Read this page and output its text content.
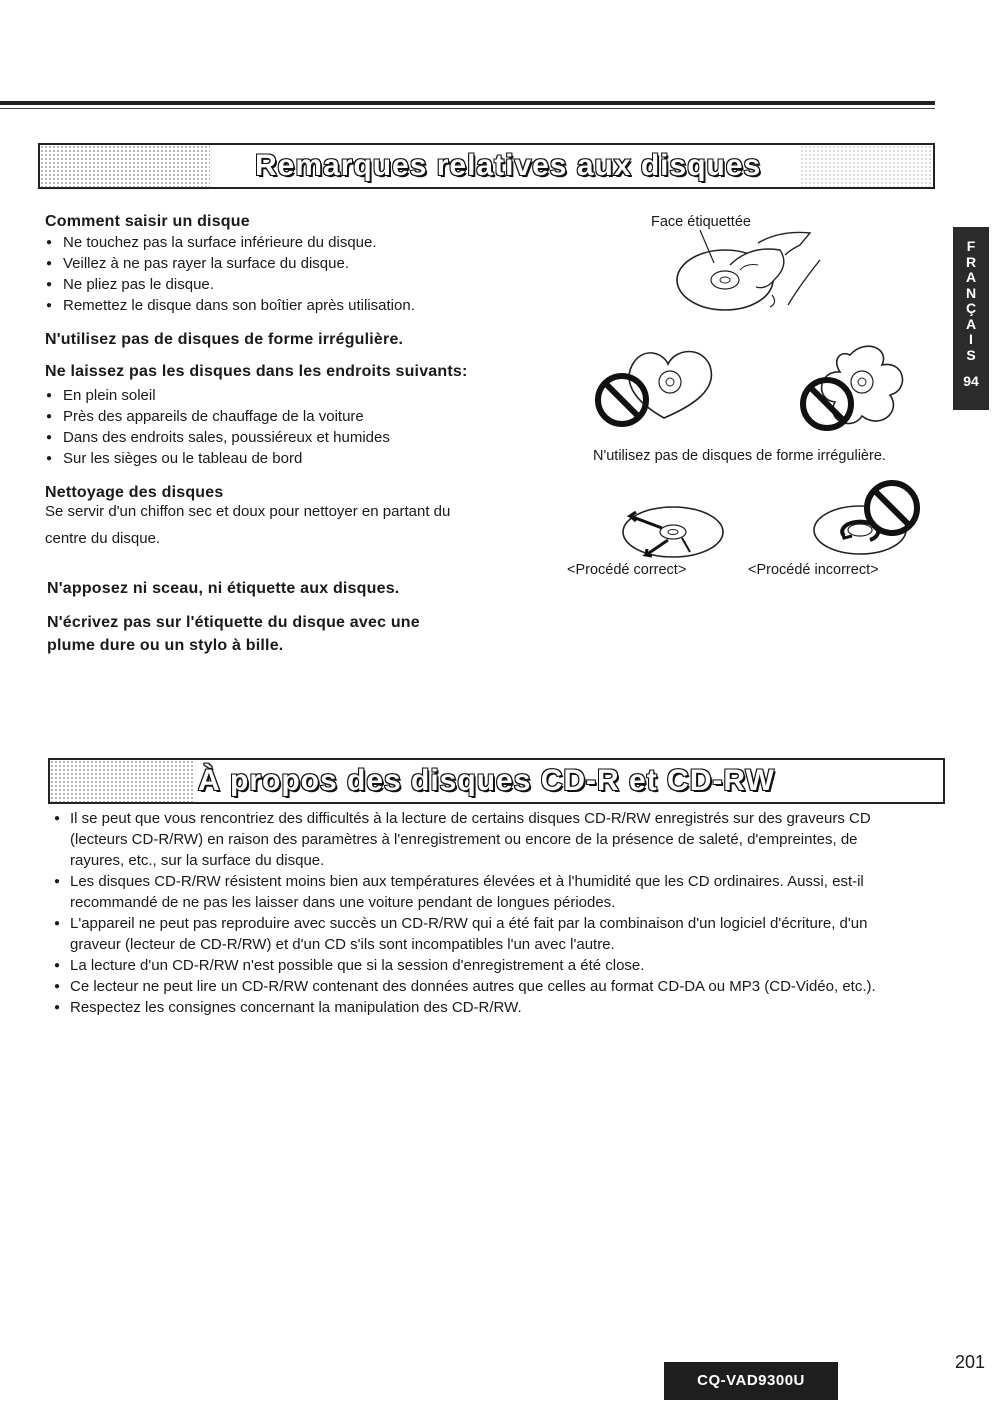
Remarques relatives aux disques
Comment saisir un disque
● Ne touchez pas la surface inférieure du disque.
● Veillez à ne pas rayer la surface du disque.
● Ne pliez pas le disque.
● Remettez le disque dans son boîtier après utilisation.
N'utilisez pas de disques de forme irrégulière.
Ne laissez pas les disques dans les endroits suivants:
● En plein soleil
● Près des appareils de chauffage de la voiture
● Dans des endroits sales, poussiéreux et humides
● Sur les sièges ou le tableau de bord
Nettoyage des disques
Se servir d'un chiffon sec et doux pour nettoyer en partant du
centre du disque.
N'apposez ni sceau, ni étiquette aux disques.
N'écrivez pas sur l'étiquette du disque avec une
plume dure ou un stylo à bille.
Face étiquettée
N'utilisez pas de disques de forme irrégulière.
<Procédé correct>	<Procédé incorrect>
À propos des disques CD-R et CD-RW
● Il se peut que vous rencontriez des difficultés à la lecture de certains disques CD-R/RW enregistrés sur des graveurs CD
(lecteurs CD-R/RW) en raison des paramètres à l'enregistrement ou encore de la présence de saleté, d'empreintes, de
rayures, etc., sur la surface du disque.
● Les disques CD-R/RW résistent moins bien aux températures élevées et à l'humidité que les CD ordinaires. Aussi, est-il
recommandé de ne pas les laisser dans une voiture pendant de longues périodes.
● L'appareil ne peut pas reproduire avec succès un CD-R/RW qui a été fait par la combinaison d'un logiciel d'écriture, d'un
graveur (lecteur de CD-R/RW) et d'un CD s'ils sont incompatibles l'un avec l'autre.
● La lecture d'un CD-R/RW n'est possible que si la session d'enregistrement a été close.
● Ce lecteur ne peut lire un CD-R/RW contenant des données autres que celles au format CD-DA ou MP3 (CD-Vidéo, etc.).
● Respectez les consignes concernant la manipulation des CD-R/RW.
F
R
A
N
Ç
A
I
S
94
CQ-VAD9300U
201
